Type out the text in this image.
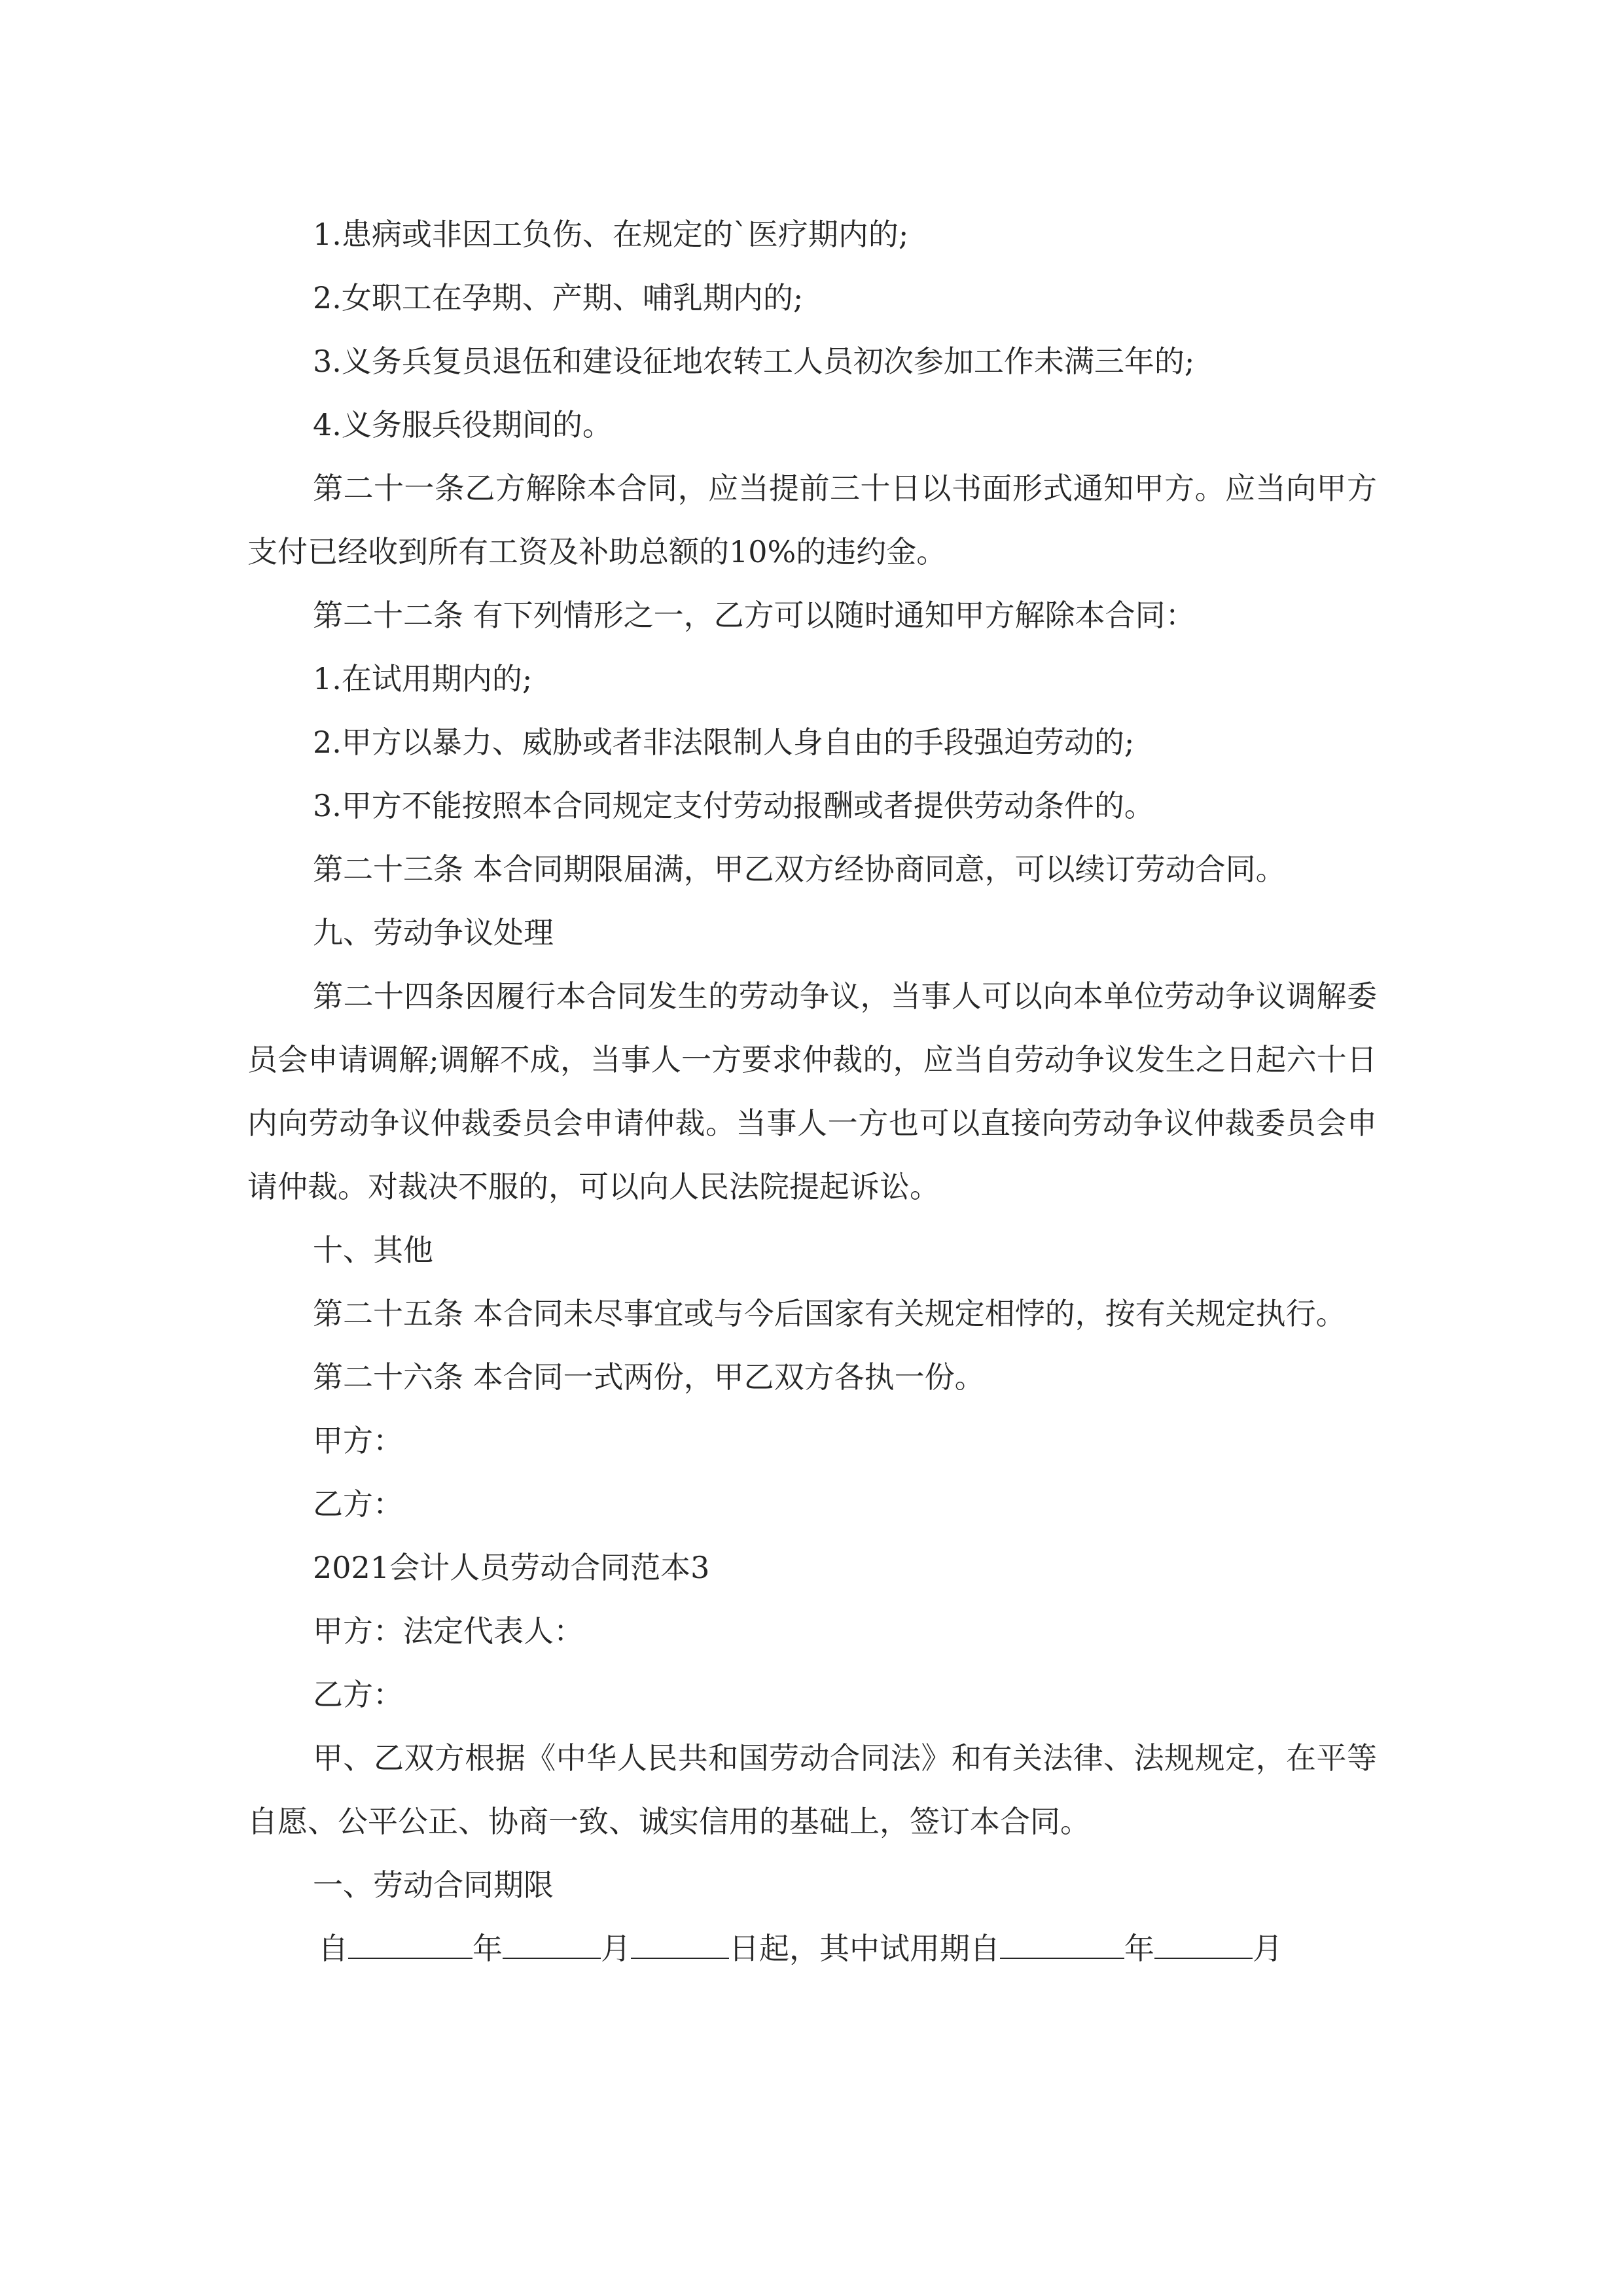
1.患病或非因工负伤、在规定的`医疗期内的;

2.女职工在孕期、产期、哺乳期内的;

3.义务兵复员退伍和建设征地农转工人员初次参加工作未满三年的;

4.义务服兵役期间的。

第二十一条乙方解除本合同，应当提前三十日以书面形式通知甲方。应当向甲方支付已经收到所有工资及补助总额的10%的违约金。

第二十二条 有下列情形之一，乙方可以随时通知甲方解除本合同：

1.在试用期内的;

2.甲方以暴力、威胁或者非法限制人身自由的手段强迫劳动的;

3.甲方不能按照本合同规定支付劳动报酬或者提供劳动条件的。

第二十三条 本合同期限届满，甲乙双方经协商同意，可以续订劳动合同。

九、劳动争议处理

第二十四条因履行本合同发生的劳动争议，当事人可以向本单位劳动争议调解委员会申请调解;调解不成，当事人一方要求仲裁的，应当自劳动争议发生之日起六十日内向劳动争议仲裁委员会申请仲裁。当事人一方也可以直接向劳动争议仲裁委员会申请仲裁。对裁决不服的，可以向人民法院提起诉讼。

十、其他

第二十五条 本合同未尽事宜或与今后国家有关规定相悖的，按有关规定执行。

第二十六条 本合同一式两份，甲乙双方各执一份。

甲方：

乙方：

2021会计人员劳动合同范本3

甲方：法定代表人：

乙方：

甲、乙双方根据《中华人民共和国劳动合同法》和有关法律、法规规定，在平等自愿、公平公正、协商一致、诚实信用的基础上，签订本合同。

一、劳动合同期限

自	年	月	日起，其中试用期自	年	月
